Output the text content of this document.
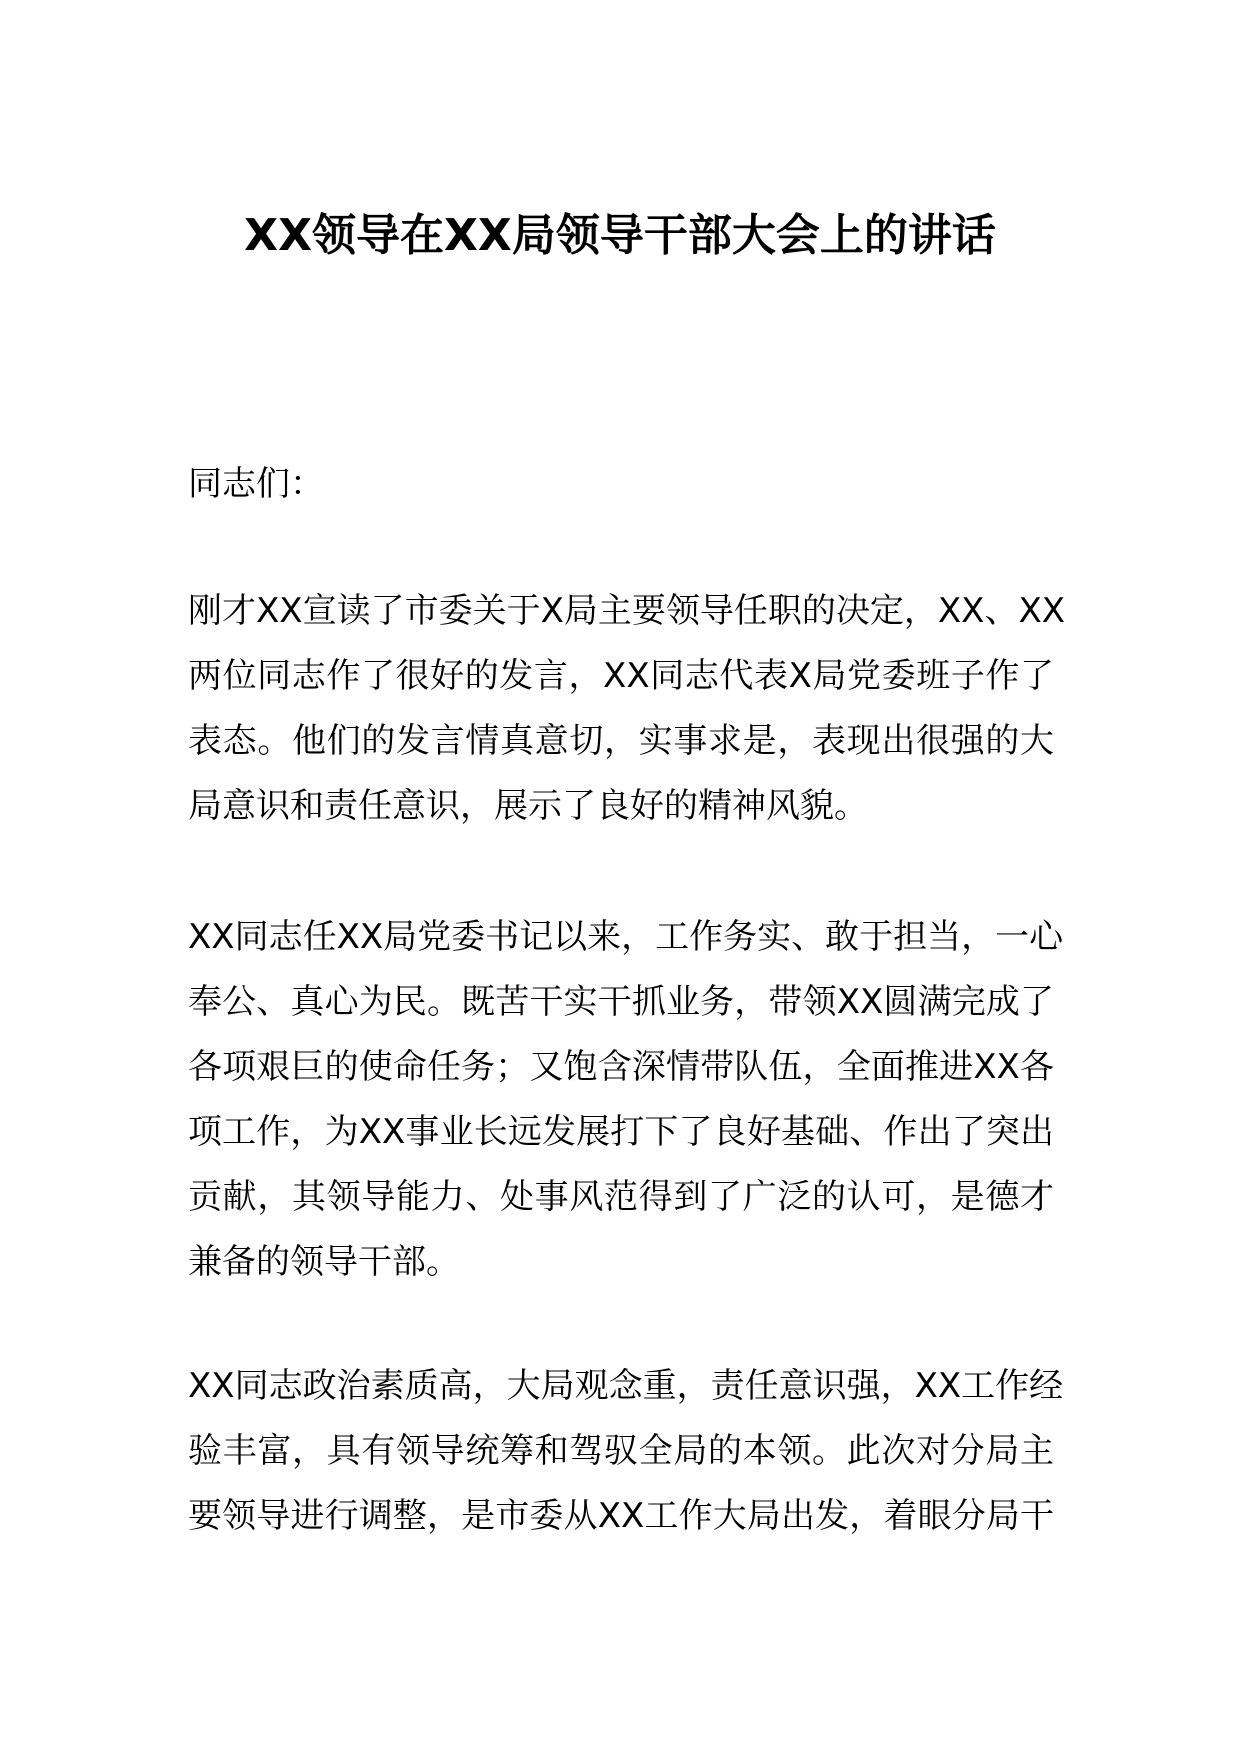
XX领导在XX局领导干部大会上的讲话
同志们：
刚才XX宣读了市委关于X局主要领导任职的决定，XX、XX
两位同志作了很好的发言，XX同志代表X局党委班子作了
表态。他们的发言情真意切，实事求是，表现出很强的大
局意识和责任意识，展示了良好的精神风貌。
XX同志任XX局党委书记以来，工作务实、敢于担当，一心
奉公、真心为民。既苦干实干抓业务，带领XX圆满完成了
各项艰巨的使命任务；又饱含深情带队伍，全面推进XX各
项工作，为XX事业长远发展打下了良好基础、作出了突出
贡献，其领导能力、处事风范得到了广泛的认可，是德才
兼备的领导干部。
XX同志政治素质高，大局观念重，责任意识强，XX工作经
验丰富，具有领导统筹和驾驭全局的本领。此次对分局主
要领导进行调整，是市委从XX工作大局出发，着眼分局干
